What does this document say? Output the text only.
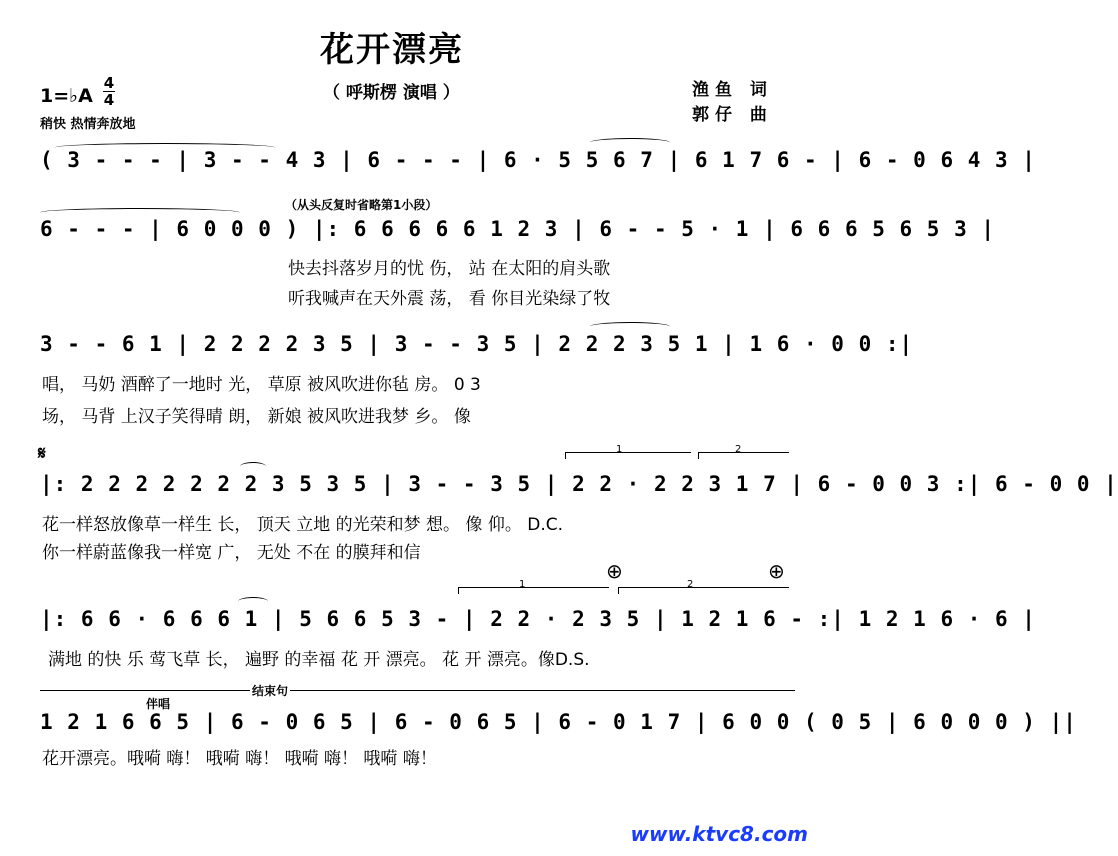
花开漂亮
（ 呼斯楞 演唱 ）	渔鱼 词
郭仔 曲
1=♭A
4
4
稍快 热情奔放地
( 3 - - - | 3 - - 4 3 | 6 - - - | 6 · 5 5 6 7 | 6 1 7 6 - | 6 - 0 6 4 3 |
（从头反复时省略第1小段）
6 - - - | 6 0 0 0 ) |: 6 6 6 6 6 1 2 3 | 6 - - 5 · 1 | 6 6 6 5 6 5 3 |
快去抖落岁月的忧 伤， 站 在太阳的肩头歌
听我喊声在天外震 荡， 看 你目光染绿了牧
3 - - 6 1 | 2 2 2 2 3 5 | 3 - - 3 5 | 2 2 2 3 5 1 | 1 6 · 0 0 :|
唱， 马奶 酒醉了一地时 光， 草原 被风吹进你毡 房。 0 3
场， 马背 上汉子笑得晴 朗， 新娘 被风吹进我梦 乡。 像
𝄋	1	2
|: 2 2 2 2 2 2 2 3 5 3 5 | 3 - - 3 5 | 2 2 · 2 2 3 1 7 | 6 - 0 0 3 :| 6 - 0 0 |
花一样怒放像草一样生 长， 顶天 立地 的光荣和梦 想。 像 仰。 D.C.
你一样蔚蓝像我一样宽 广， 无处 不在 的膜拜和信
⊕	⊕
1	2
|: 6 6 · 6 6 6 1 | 5 6 6 5 3 - | 2 2 · 2 3 5 | 1 2 1 6 - :| 1 2 1 6 · 6 |
满地 的快 乐 莺飞草 长， 遍野 的幸福 花 开 漂亮。 花 开 漂亮。像D.S.
结束句
伴唱
1 2 1 6 6 5 | 6 - 0 6 5 | 6 - 0 6 5 | 6 - 0 1 7 | 6 0 0 ( 0 5 | 6 0 0 0 ) ||
花开漂亮。哦嗬 嗨！ 哦嗬 嗨！ 哦嗬 嗨！ 哦嗬 嗨！
www.ktvc8.com
